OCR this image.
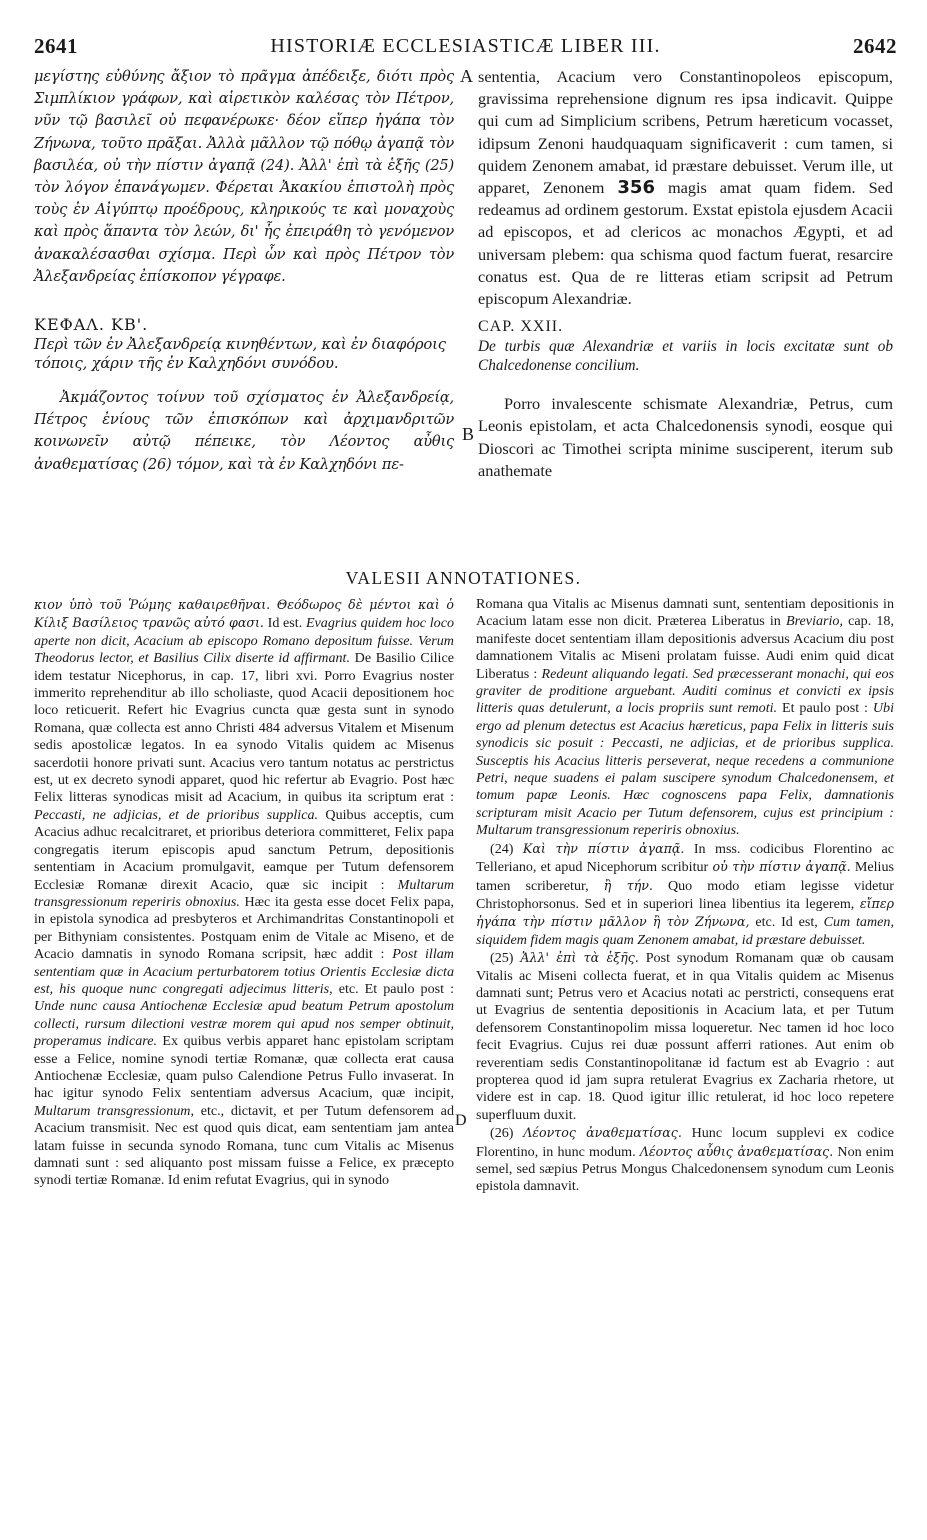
2641	HISTORIÆ ECCLESIASTICÆ LIBER III.	2642

μεγίστης εὐθύνης ἄξιον τὸ πρᾶγμα ἀπέδειξε, διότι πρὸς Σιμπλίκιον γράφων, καὶ αἱρετικὸν καλέσας τὸν Πέτρον, νῦν τῷ βασιλεῖ οὐ πεφανέρωκε· δέον εἴπερ ἠγάπα τὸν Ζήνωνα, τοῦτο πρᾶξαι. Ἀλλὰ μᾶλλον τῷ πόθῳ ἀγαπᾷ τὸν βασιλέα, οὐ τὴν πίστιν ἀγαπᾷ (24). Ἀλλ' ἐπὶ τὰ ἑξῆς (25) τὸν λόγον ἐπανάγωμεν. Φέρεται Ἀκακίου ἐπιστολὴ πρὸς τοὺς ἐν Αἰγύπτῳ προέδρους, κληρικούς τε καὶ μοναχοὺς καὶ πρὸς ἅπαντα τὸν λεών, δι' ἧς ἐπειράθη τὸ γενόμενον ἀνακαλέσασθαι σχίσμα. Περὶ ὧν καὶ πρὸς Πέτρον τὸν Ἀλεξανδρείας ἐπίσκοπον γέγραφε.

ΚΕΦΑΛ. ΚΒ'.

Περὶ τῶν ἐν Ἀλεξανδρείᾳ κινηθέντων, καὶ ἐν διαφόροις τόποις, χάριν τῆς ἐν Καλχηδόνι συνόδου.

Ἀκμάζοντος τοίνυν τοῦ σχίσματος ἐν Ἀλεξανδρείᾳ, Πέτρος ἐνίους τῶν ἐπισκόπων καὶ ἀρχιμανδριτῶν κοινωνεῖν αὐτῷ πέπεικε, τὸν Λέοντος αὖθις ἀναθεματίσας (26) τόμον, καὶ τὰ ἐν Καλχηδόνι πε-

sententia, Acacium vero Constantinopoleos episcopum, gravissima reprehensione dignum res ipsa indicavit. Quippe qui cum ad Simplicium scribens, Petrum hæreticum vocasset, idipsum Zenoni haudquaquam significaverit : cum tamen, si quidem Zenonem amabat, id præstare debuisset. Verum ille, ut apparet, Zenonem 356 magis amat quam fidem. Sed redeamus ad ordinem gestorum. Exstat epistola ejusdem Acacii ad episcopos, et ad clericos ac monachos Ægypti, et ad universam plebem: qua schisma quod factum fuerat, resarcire conatus est. Qua de re litteras etiam scripsit ad Petrum episcopum Alexandriæ.

CAP. XXII.

De turbis quæ Alexandriæ et variis in locis excitatæ sunt ob Chalcedonense concilium.

Porro invalescente schismate Alexandriæ, Petrus, cum Leonis epistolam, et acta Chalcedonensis synodi, eosque qui Dioscori ac Timothei scripta minime susciperent, iterum sub anathemate

A
B
VALESII ANNOTATIONES.

κιον ὑπὸ τοῦ Ῥώμης καθαιρεθῆναι. Θεόδωρος δὲ μέντοι καὶ ὁ Κίλιξ Βασίλειος τρανῶς αὐτό φασι. Id est. Evagrius quidem hoc loco aperte non dicit, Acacium ab episcopo Romano depositum fuisse. Verum Theodorus lector, et Basilius Cilix diserte id affirmant. De Basilio Cilice idem testatur Nicephorus, in cap. 17, libri xvi. Porro Evagrius noster immerito reprehenditur ab illo scholiaste, quod Acacii depositionem hoc loco reticuerit. Refert hic Evagrius cuncta quæ gesta sunt in synodo Romana, quæ collecta est anno Christi 484 adversus Vitalem et Misenum sedis apostolicæ legatos. In ea synodo Vitalis quidem ac Misenus sacerdotii honore privati sunt. Acacius vero tantum notatus ac perstrictus est, ut ex decreto synodi apparet, quod hic refertur ab Evagrio. Post hæc Felix litteras synodicas misit ad Acacium, in quibus ita scriptum erat : Peccasti, ne adjicias, et de prioribus supplica. Quibus acceptis, cum Acacius adhuc recalcitraret, et prioribus deteriora committeret, Felix papa congregatis iterum episcopis apud sanctum Petrum, depositionis sententiam in Acacium promulgavit, eamque per Tutum defensorem Ecclesiæ Romanæ direxit Acacio, quæ sic incipit : Multarum transgressionum reperiris obnoxius. Hæc ita gesta esse docet Felix papa, in epistola synodica ad presbyteros et Archimandritas Constantinopoli et per Bithyniam consistentes. Postquam enim de Vitale ac Miseno, et de Acacio damnatis in synodo Romana scripsit, hæc addit : Post illam sententiam quæ in Acacium perturbatorem totius Orientis Ecclesiæ dicta est, his quoque nunc congregati adjecimus litteris, etc. Et paulo post : Unde nunc causa Antiochenæ Ecclesiæ apud beatum Petrum apostolum collecti, rursum dilectioni vestræ morem qui apud nos semper obtinuit, properamus indicare. Ex quibus verbis apparet hanc epistolam scriptam esse a Felice, nomine synodi tertiæ Romanæ, quæ collecta erat causa Antiochenæ Ecclesiæ, quam pulso Calendione Petrus Fullo invaserat. In hac igitur synodo Felix sententiam adversus Acacium, quæ incipit, Multarum transgressionum, etc., dictavit, et per Tutum defensorem ad Acacium transmisit. Nec est quod quis dicat, eam sententiam jam antea latam fuisse in secunda synodo Romana, tunc cum Vitalis ac Misenus damnati sunt : sed aliquanto post missam fuisse a Felice, ex præcepto synodi tertiæ Romanæ. Id enim refutat Evagrius, qui in synodo

D

Romana qua Vitalis ac Misenus damnati sunt, sententiam depositionis in Acacium latam esse non dicit. Præterea Liberatus in Breviario, cap. 18, manifeste docet sententiam illam depositionis adversus Acacium diu post damnationem Vitalis ac Miseni prolatam fuisse. Audi enim quid dicat Liberatus : Redeunt aliquando legati. Sed præcesserant monachi, qui eos graviter de proditione arguebant. Auditi cominus et convicti ex ipsis litteris quas detulerunt, a locis propriis sunt remoti. Et paulo post : Ubi ergo ad plenum detectus est Acacius hæreticus, papa Felix in litteris suis synodicis sic posuit : Peccasti, ne adjicias, et de prioribus supplica. Susceptis his Acacius litteris perseverat, neque recedens a communione Petri, neque suadens ei palam suscipere synodum Chalcedonensem, et tomum papæ Leonis. Hæc cognoscens papa Felix, damnationis scripturam misit Acacio per Tutum defensorem, cujus est principium : Multarum transgressionum reperiris obnoxius.

(24) Καὶ τὴν πίστιν ἀγαπᾷ. In mss. codicibus Florentino ac Telleriano, et apud Nicephorum scribitur οὐ τὴν πίστιν ἀγαπᾷ. Melius tamen scriberetur, ἢ τήν. Quo modo etiam legisse videtur Christophorsonus. Sed et in superiori linea libentius ita legerem, εἴπερ ἠγάπα τὴν πίστιν μᾶλλον ἢ τὸν Ζήνωνα, etc. Id est, Cum tamen, siquidem fidem magis quam Zenonem amabat, id præstare debuisset.

(25) Ἀλλ' ἐπὶ τὰ ἑξῆς. Post synodum Romanam quæ ob causam Vitalis ac Miseni collecta fuerat, et in qua Vitalis quidem ac Misenus damnati sunt; Petrus vero et Acacius notati ac perstricti, consequens erat ut Evagrius de sententia depositionis in Acacium lata, et per Tutum defensorem Constantinopolim missa loqueretur. Nec tamen id hoc loco fecit Evagrius. Cujus rei duæ possunt afferri rationes. Aut enim ob reverentiam sedis Constantinopolitanæ id factum est ab Evagrio : aut propterea quod id jam supra retulerat Evagrius ex Zacharia rhetore, ut videre est in cap. 18. Quod igitur illic retulerat, id hoc loco repetere superfluum duxit.

(26) Λέοντος ἀναθεματίσας. Hunc locum supplevi ex codice Florentino, in hunc modum. Λέοντος αὖθις ἀναθεματίσας. Non enim semel, sed sæpius Petrus Mongus Chalcedonensem synodum cum Leonis epistola damnavit.
